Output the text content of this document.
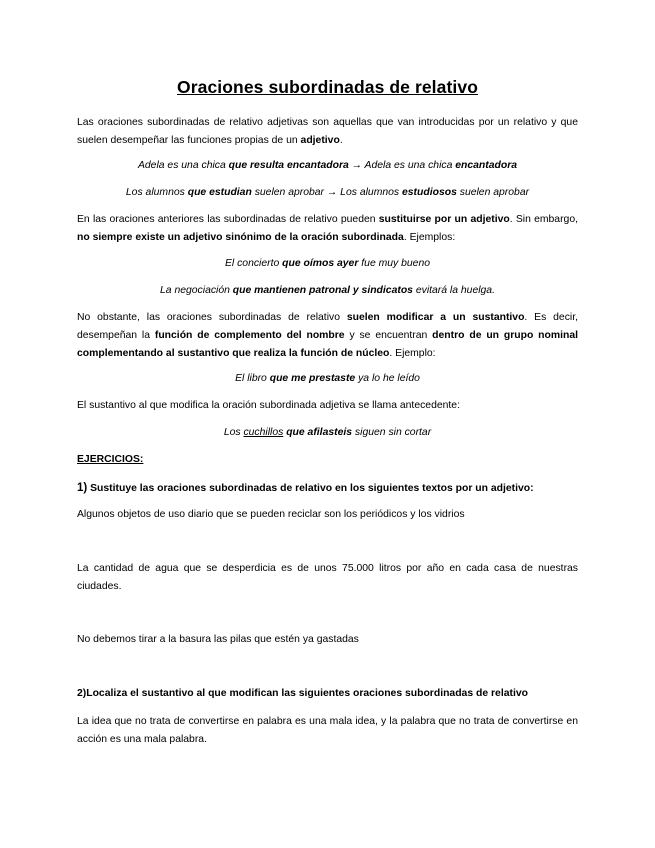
Oraciones subordinadas de relativo
Las oraciones subordinadas de relativo adjetivas son aquellas que van introducidas por un relativo y que suelen desempeñar las funciones propias de un adjetivo.
Adela es una chica que resulta encantadora → Adela es una chica encantadora
Los alumnos que estudian suelen aprobar → Los alumnos estudiosos suelen aprobar
En las oraciones anteriores las subordinadas de relativo pueden sustituirse por un adjetivo. Sin embargo, no siempre existe un adjetivo sinónimo de la oración subordinada. Ejemplos:
El concierto que oímos ayer fue muy bueno
La negociación que mantienen patronal y sindicatos evitará la huelga.
No obstante, las oraciones subordinadas de relativo suelen modificar a un sustantivo. Es decir, desempeñan la función de complemento del nombre y se encuentran dentro de un grupo nominal complementando al sustantivo que realiza la función de núcleo. Ejemplo:
El libro que me prestaste ya lo he leído
El sustantivo al que modifica la oración subordinada adjetiva se llama antecedente:
Los cuchillos que afilasteis siguen sin cortar
EJERCICIOS:
1) Sustituye las oraciones subordinadas de relativo en los siguientes textos por un adjetivo:
Algunos objetos de uso diario que se pueden reciclar son los periódicos y los vidrios
La cantidad de agua que se desperdicia es de unos 75.000 litros por año en cada casa de nuestras ciudades.
No debemos tirar a la basura las pilas que estén ya gastadas
2)Localiza el sustantivo al que modifican las siguientes oraciones subordinadas de relativo
La idea que no trata de convertirse en palabra es una mala idea, y la palabra que no trata de convertirse en acción es una mala palabra.
